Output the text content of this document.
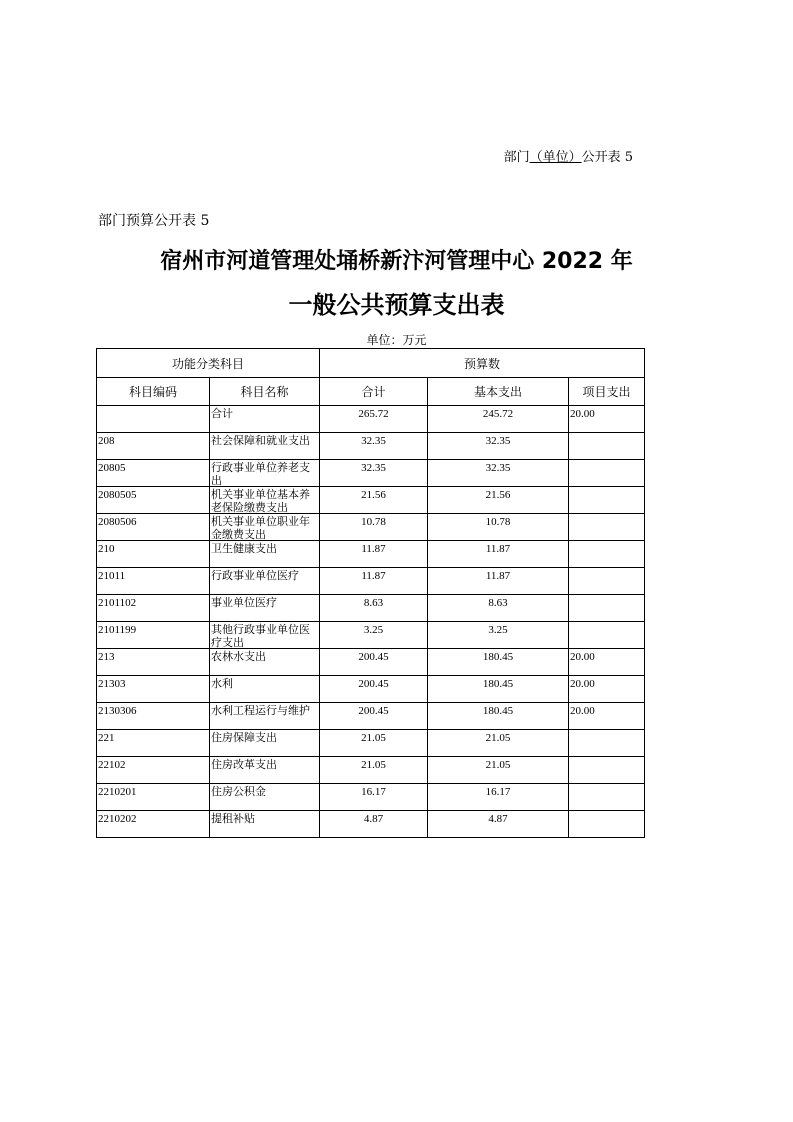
部门（单位）公开表 5
部门预算公开表 5
宿州市河道管理处埇桥新汴河管理中心 2022 年
一般公共预算支出表
单位：万元
功能分类科目		预算数		
科目编码	科目名称	合计	基本支出	项目支出

	合计	265.72	245.72	20.00

208	社会保障和就业支出	32.35	32.35	

20805	行政事业单位养老支出	32.35	32.35	

2080505	机关事业单位基本养老保险缴费支出	21.56	21.56	

2080506	机关事业单位职业年金缴费支出	10.78	10.78	

210	卫生健康支出	11.87	11.87	

21011	行政事业单位医疗	11.87	11.87	

2101102	事业单位医疗	8.63	8.63	

2101199	其他行政事业单位医疗支出	3.25	3.25	

213	农林水支出	200.45	180.45	20.00

21303	水利	200.45	180.45	20.00

2130306	水利工程运行与维护	200.45	180.45	20.00

221	住房保障支出	21.05	21.05	

22102	住房改革支出	21.05	21.05	

2210201	住房公积金	16.17	16.17	

2210202	提租补贴	4.87	4.87	
